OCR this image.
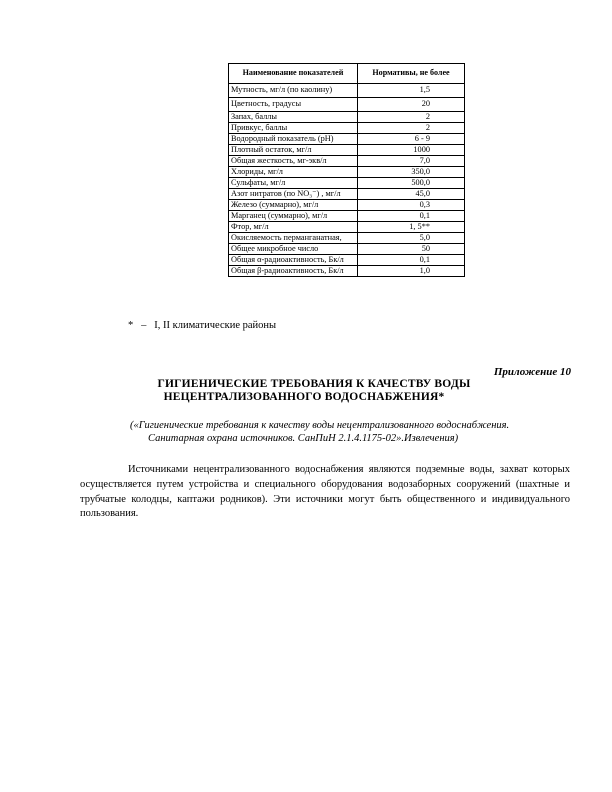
Наименование показателей	Нормативы, не более
Мутность, мг/л (по каолину)	1,5
Цветность, градусы	20
Запах, баллы	2
Привкус, баллы	2
Водородный показатель (pH)	6 - 9
Плотный остаток, мг/л	1000
Общая жесткость, мг-экв/л	7,0
Хлориды, мг/л	350,0
Сульфаты, мг/л	500,0
Азот нитратов (по NO₃⁻) , мг/л	45,0
Железо (суммарно), мг/л	0,3
Марганец (суммарно), мг/л	0,1
Фтор, мг/л	1, 5**
Окисляемость перманганатная,	5,0
Общее микробное число	50
Общая α-радиоактивность, Бк/л	0,1
Общая β-радиоактивность, Бк/л	1,0
*   –   I, II климатические районы
Приложение 10
ГИГИЕНИЧЕСКИЕ ТРЕБОВАНИЯ К КАЧЕСТВУ ВОДЫ
НЕЦЕНТРАЛИЗОВАННОГО ВОДОСНАБЖЕНИЯ*
(«Гигиенические требования к качеству воды нецентрализованного водоснабжения.
Санитарная охрана источников. СанПиН 2.1.4.1175-02».Извлечения)
Источниками нецентрализованного водоснабжения являются подземные воды, захват которых осуществляется путем устройства и специального оборудования водозаборных сооружений (шахтные и трубчатые колодцы, каптажи родников). Эти источники могут быть общественного и индивидуального пользования.
